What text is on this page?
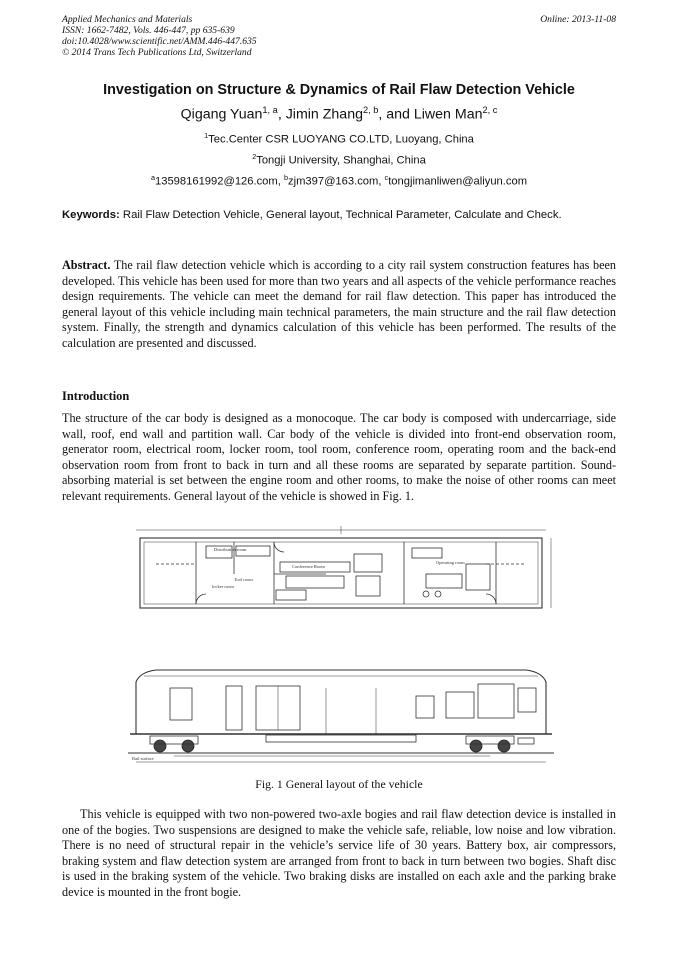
Applied Mechanics and Materials
ISSN: 1662-7482, Vols. 446-447, pp 635-639
doi:10.4028/www.scientific.net/AMM.446-447.635
© 2014 Trans Tech Publications Ltd, Switzerland
Online: 2013-11-08
Investigation on Structure & Dynamics of Rail Flaw Detection Vehicle
Qigang Yuan$^{1, a}$, Jimin Zhang$^{2, b}$, and Liwen Man$^{2, c}$
$^1$Tec.Center CSR LUOYANG CO.LTD, Luoyang, China
$^2$Tongji University, Shanghai, China
$^a$13598161992@126.com, $^b$zjm397@163.com, $^c$tongjimanliwen@aliyun.com
Keywords: Rail Flaw Detection Vehicle, General layout, Technical Parameter, Calculate and Check.
Abstract. The rail flaw detection vehicle which is according to a city rail system construction features has been developed. This vehicle has been used for more than two years and all aspects of the vehicle performance reaches design requirements. The vehicle can meet the demand for rail flaw detection. This paper has introduced the general layout of this vehicle including main technical parameters, the main structure and the rail flaw detection system. Finally, the strength and dynamics calculation of this vehicle has been performed. The results of the calculation are presented and discussed.
Introduction
The structure of the car body is designed as a monocoque. The car body is composed with undercarriage, side wall, roof, end wall and partition wall. Car body of the vehicle is divided into front-end observation room, generator room, electrical room, locker room, tool room, conference room, operating room and the back-end observation room from front to back in turn and all these rooms are separated by separate partition. Sound-absorbing material is set between the engine room and other rooms, to make the noise of other rooms can meet relevant requirements. General layout of the vehicle is showed in Fig. 1.
Distribution room
Tool room
locker room
Conference Room
Operating room
Rail surface
Fig. 1 General layout of the vehicle
This vehicle is equipped with two non-powered two-axle bogies and rail flaw detection device is installed in one of the bogies. Two suspensions are designed to make the vehicle safe, reliable, low noise and low vibration. There is no need of structural repair in the vehicle’s service life of 30 years. Battery box, air compressors, braking system and flaw detection system are arranged from front to back in turn between two bogies. Shaft disc is used in the braking system of the vehicle. Two braking disks are installed on each axle and the parking brake device is mounted in the front bogie.
